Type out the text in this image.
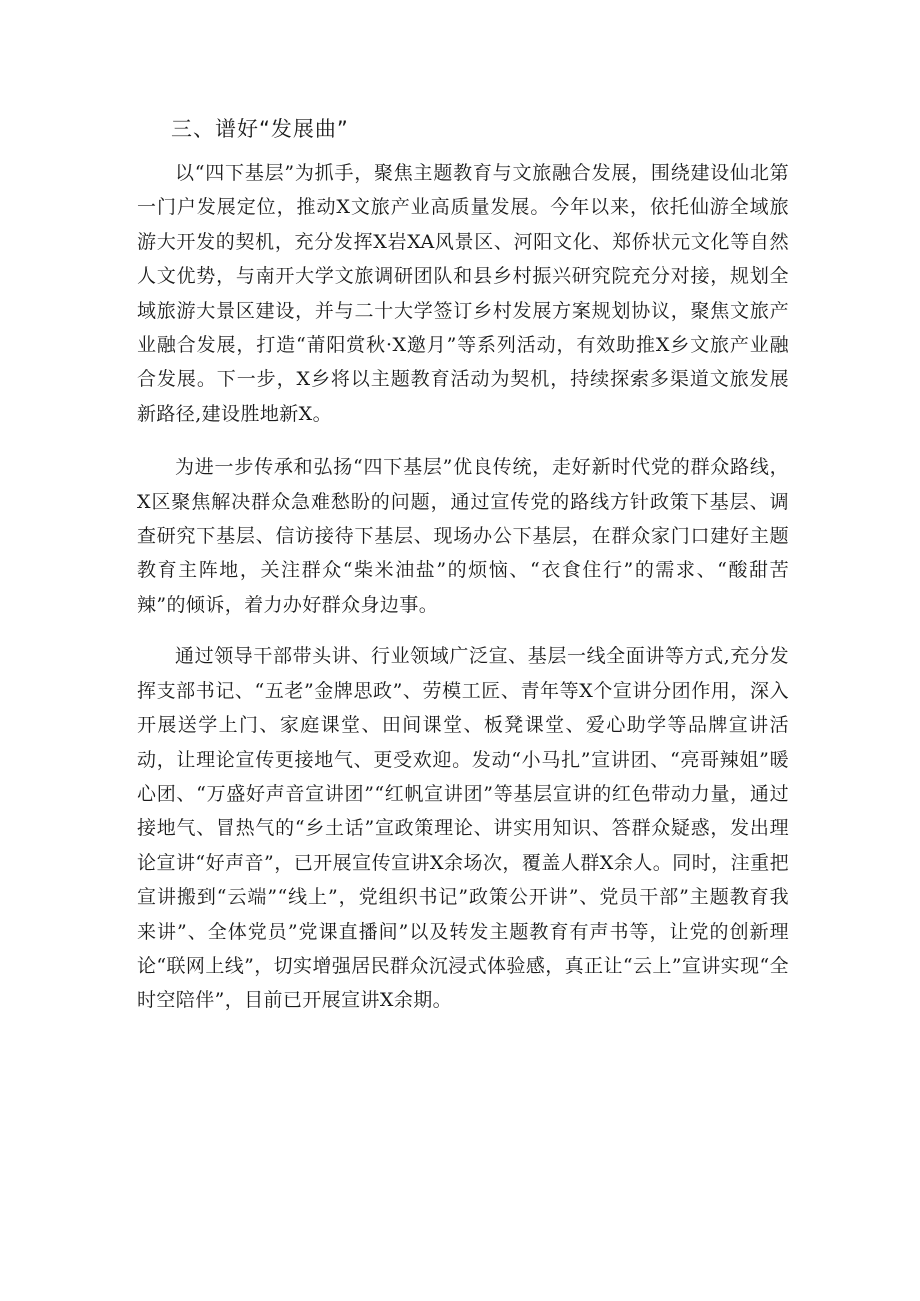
三、谱好“发展曲”

以“四下基层”为抓手，聚焦主题教育与文旅融合发展，围绕建设仙北第一门户发展定位，推动X文旅产业高质量发展。今年以来，依托仙游全域旅游大开发的契机，充分发挥X岩XA风景区、河阳文化、郑侨状元文化等自然人文优势，与南开大学文旅调研团队和县乡村振兴研究院充分对接，规划全域旅游大景区建设，并与二十大学签订乡村发展方案规划协议，聚焦文旅产业融合发展，打造“莆阳赏秋·X邀月”等系列活动，有效助推X乡文旅产业融合发展。下一步，X乡将以主题教育活动为契机，持续探索多渠道文旅发展新路径,建设胜地新X。

为进一步传承和弘扬“四下基层”优良传统，走好新时代党的群众路线，X区聚焦解决群众急难愁盼的问题，通过宣传党的路线方针政策下基层、调查研究下基层、信访接待下基层、现场办公下基层，在群众家门口建好主题教育主阵地，关注群众“柴米油盐”的烦恼、“衣食住行”的需求、“酸甜苦辣”的倾诉，着力办好群众身边事。

通过领导干部带头讲、行业领域广泛宣、基层一线全面讲等方式,充分发挥支部书记、“五老”金牌思政”、劳模工匠、青年等X个宣讲分团作用，深入开展送学上门、家庭课堂、田间课堂、板凳课堂、爱心助学等品牌宣讲活动，让理论宣传更接地气、更受欢迎。发动“小马扎”宣讲团、“亮哥辣姐”暖心团、“万盛好声音宣讲团”“红帆宣讲团”等基层宣讲的红色带动力量，通过接地气、冒热气的“乡土话”宣政策理论、讲实用知识、答群众疑惑，发出理论宣讲“好声音”，已开展宣传宣讲X余场次，覆盖人群X余人。同时，注重把宣讲搬到“云端”“线上”，党组织书记”政策公开讲”、党员干部”主题教育我来讲”、全体党员”党课直播间”以及转发主题教育有声书等，让党的创新理论“联网上线”，切实增强居民群众沉浸式体验感，真正让“云上”宣讲实现“全时空陪伴”，目前已开展宣讲X余期。
